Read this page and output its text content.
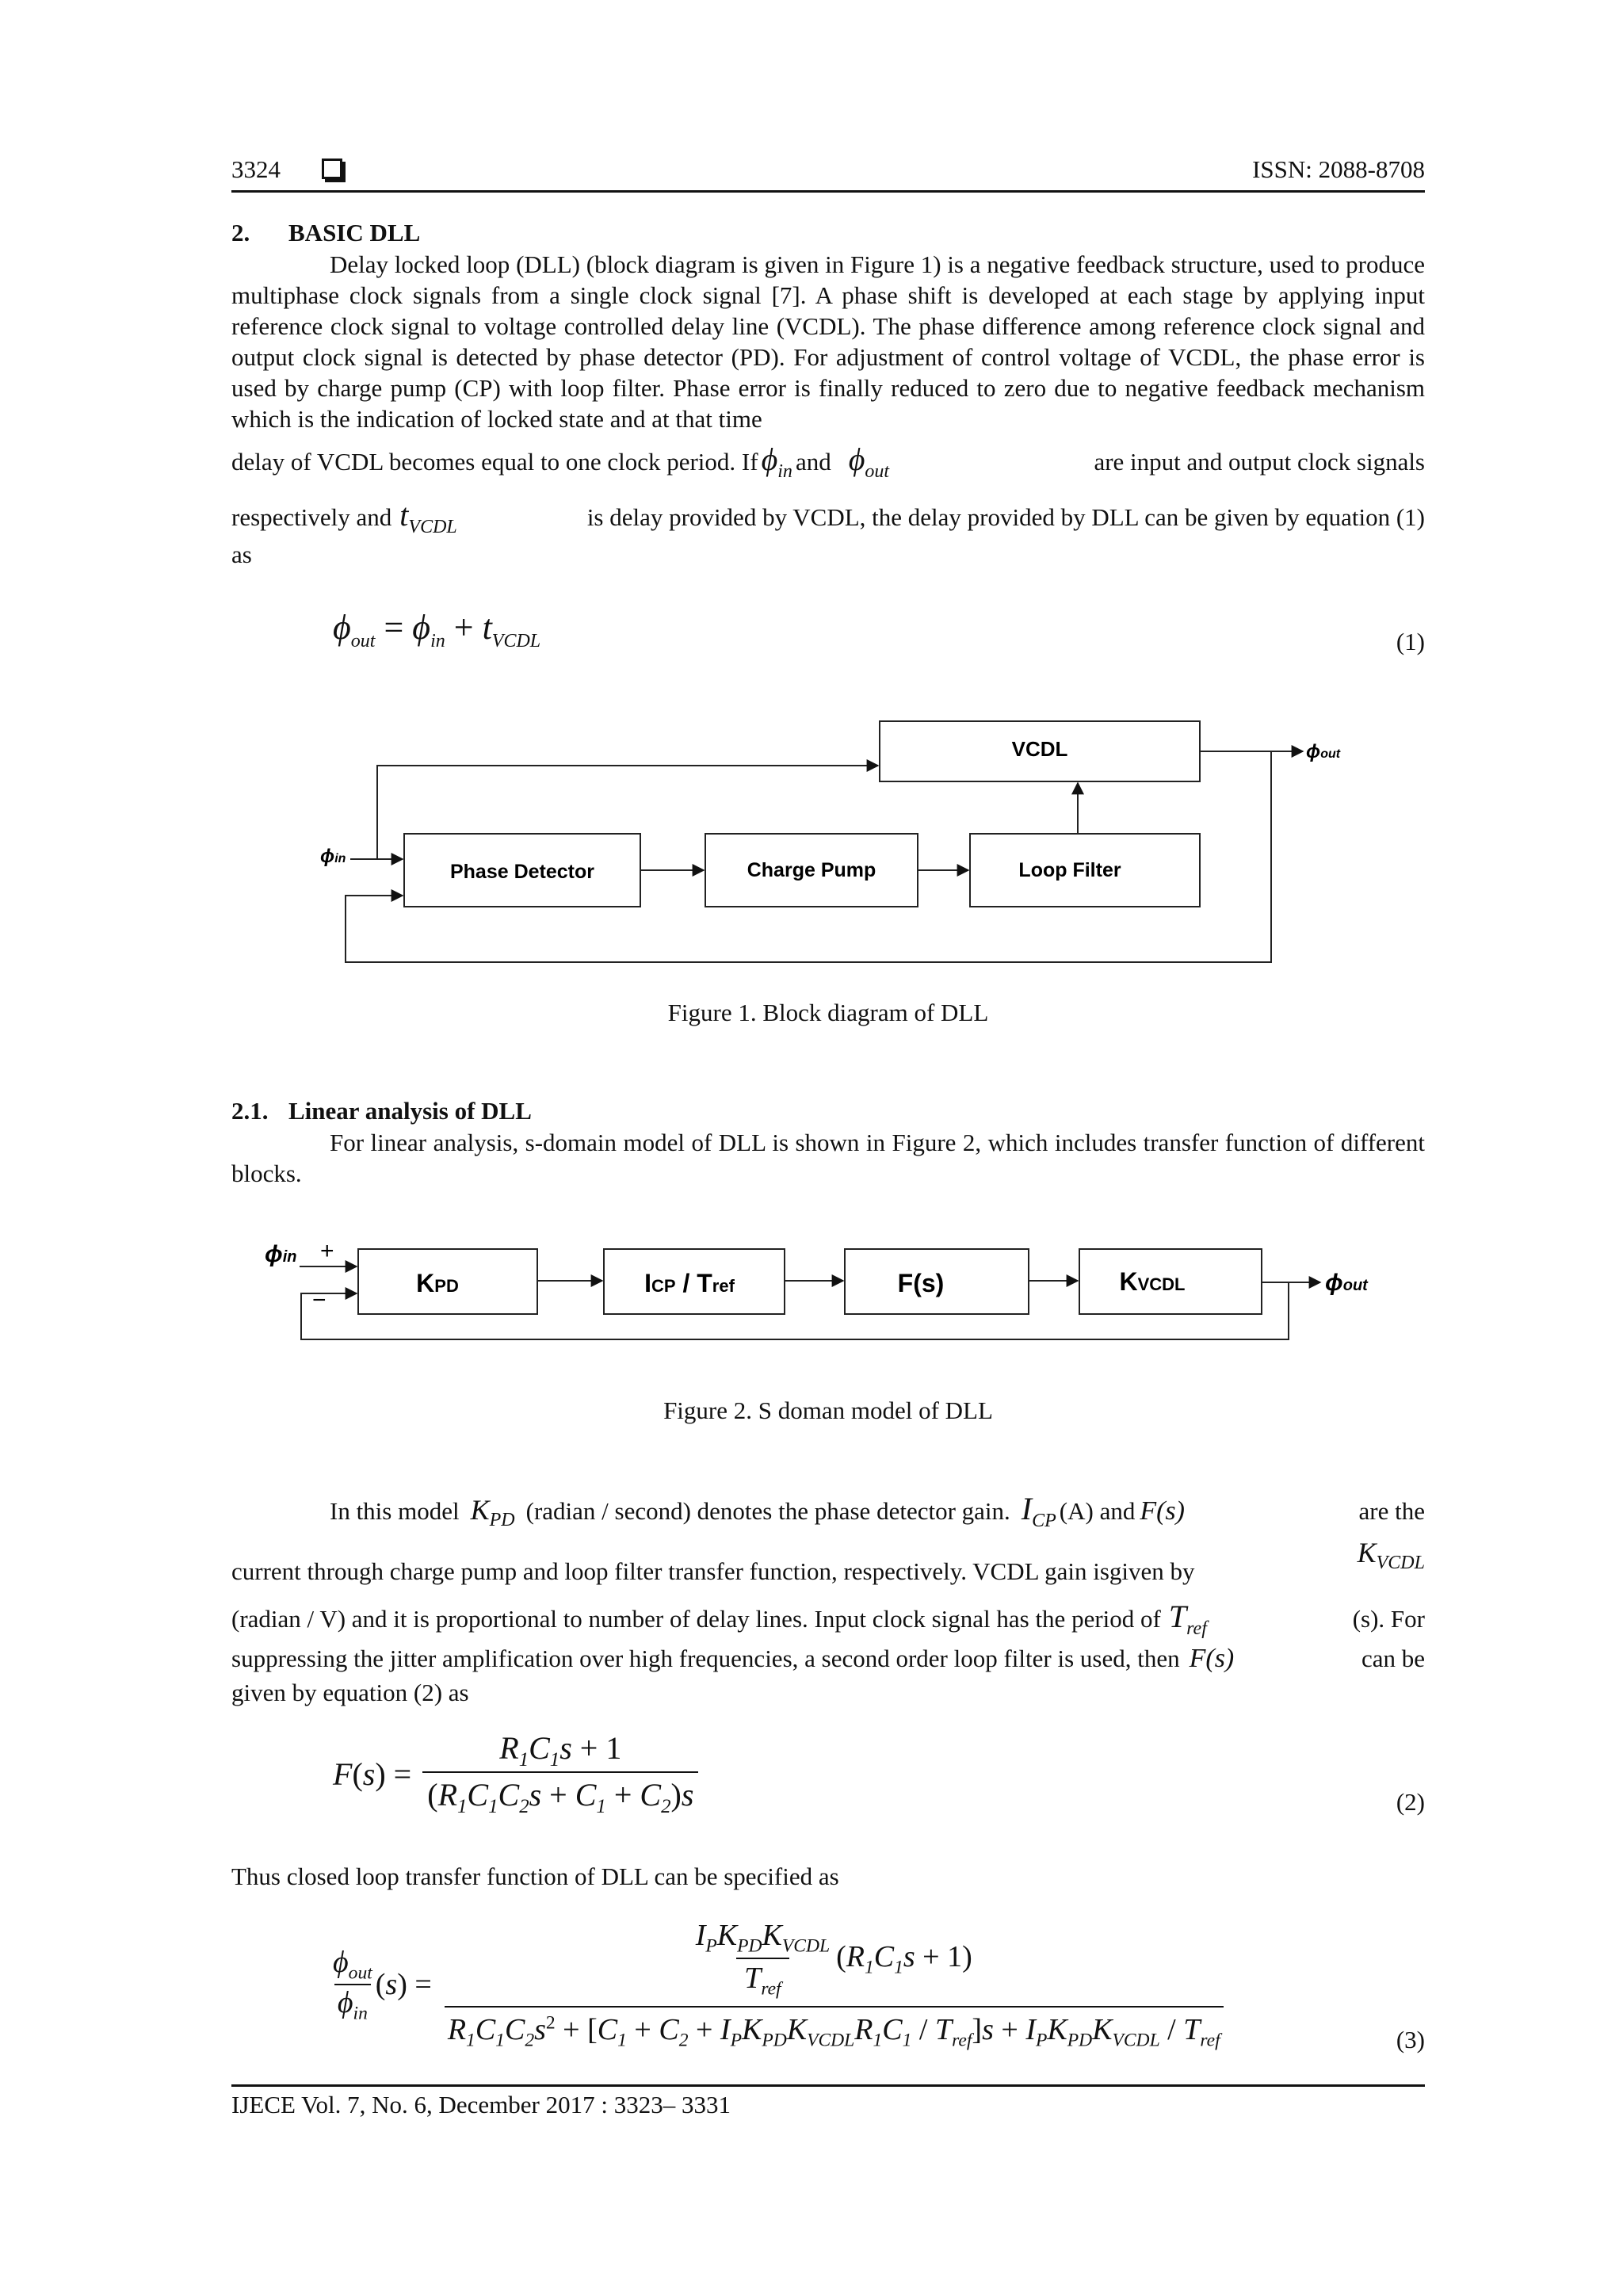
3324	ISSN: 2088-8708
2. BASIC DLL
Delay locked loop (DLL) (block diagram is given in Figure 1) is a negative feedback structure, used to produce multiphase clock signals from a single clock signal [7]. A phase shift is developed at each stage by applying input reference clock signal to voltage controlled delay line (VCDL). The phase difference among reference clock signal and output clock signal is detected by phase detector (PD). For adjustment of control voltage of VCDL, the phase error is used by charge pump (CP) with loop filter. Phase error is finally reduced to zero due to negative feedback mechanism which is the indication of locked state and at that time
delay of VCDL becomes equal to one clock period. If $\phi_{in}$ and $\phi_{out}$	are input and output clock signals
respectively and $t_{VCDL}$	is delay provided by VCDL, the delay provided by DLL can be given by equation (1)
as
$\phi_{out} = \phi_{in} + t_{VCDL}$	(1)
VCDL
Phase Detector	Charge Pump	Loop Filter
ϕin
ϕout
Figure 1. Block diagram of DLL
2.1. Linear analysis of DLL
For linear analysis, s-domain model of DLL is shown in Figure 2, which includes transfer function of different blocks.
KPD	ICP / Tref	F(s)	KVCDL
ϕin +
−
ϕout
Figure 2. S doman model of DLL
In this model $K_{PD}$ (radian / second) denotes the phase detector gain. $I_{CP}$ (A) and F(s)	are the
current through charge pump and loop filter transfer function, respectively. VCDL gain isgiven by
$K_{VCDL}$
(radian / V) and it is proportional to number of delay lines. Input clock signal has the period of $T_{ref}$	(s). For
suppressing the jitter amplification over high frequencies, a second order loop filter is used, then F(s)	can be
given by equation (2) as
$F(s) = \frac{R_1C_1s + 1}{(R_1C_1C_2s + C_1 + C_2)s}$	(2)
Thus closed loop transfer function of DLL can be specified as
$\phi_{out}$
$\phi_{in}$
(s) =
$I_PK_{PD}K_{VCDL}$
$T_{ref}$
$(R_1C_1s + 1)$
$R_1C_1C_2s^2 + [C_1 + C_2 + I_PK_{PD}K_{VCDL}R_1C_1 / T_{ref}]s + I_PK_{PD}K_{VCDL} / T_{ref}$	(3)
IJECE Vol. 7, No. 6, December 2017 : 3323– 3331
